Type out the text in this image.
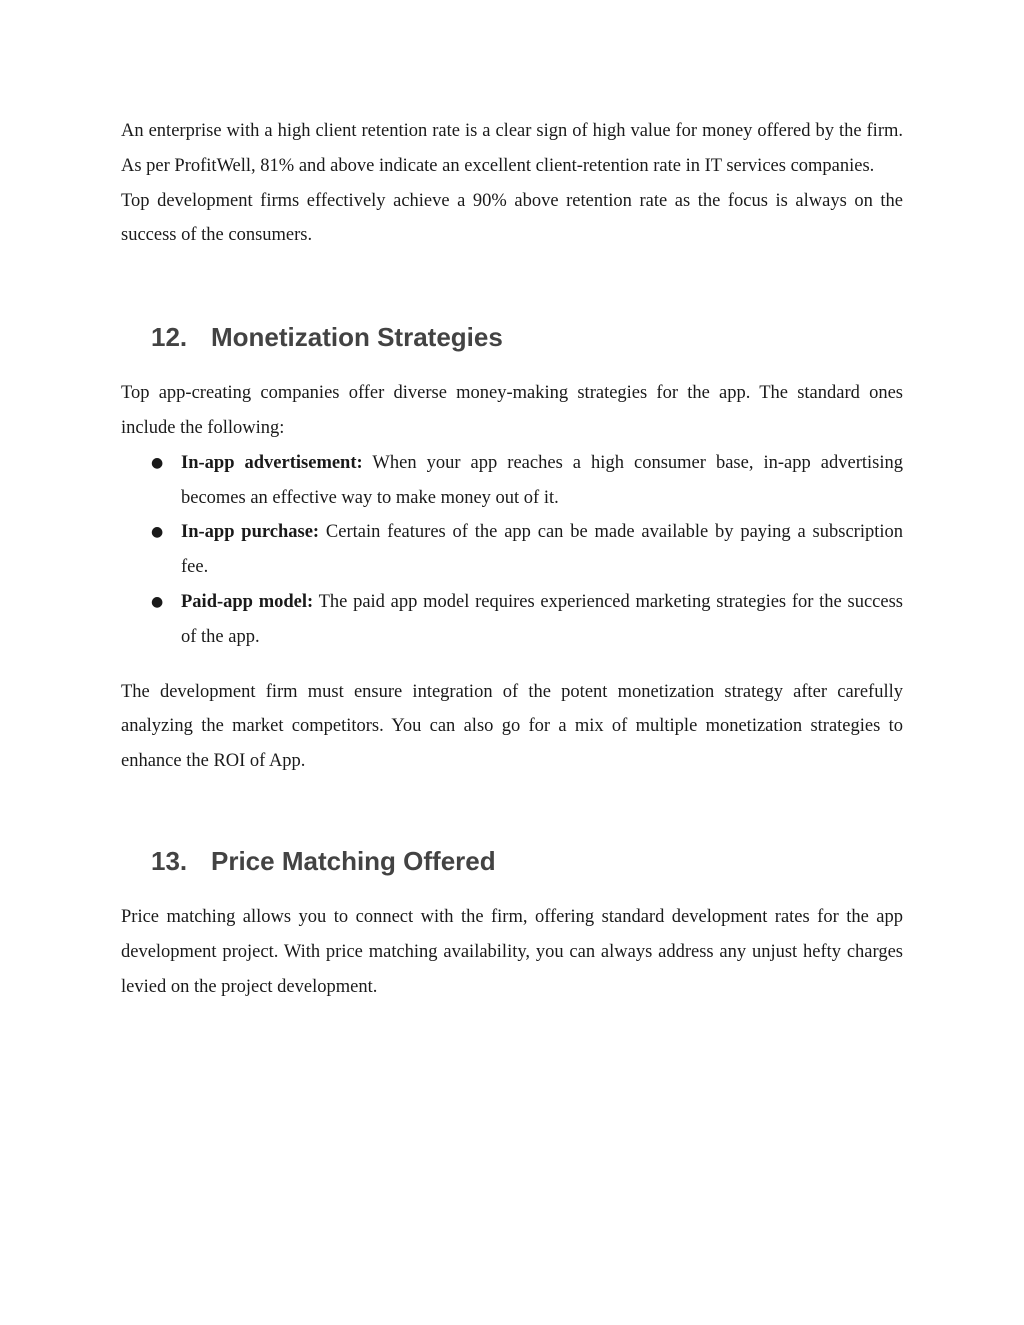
An enterprise with a high client retention rate is a clear sign of high value for money offered by the firm. As per ProfitWell, 81% and above indicate an excellent client-retention rate in IT services companies.

Top development firms effectively achieve a 90% above retention rate as the focus is always on the success of the consumers.

12. Monetization Strategies

Top app-creating companies offer diverse money-making strategies for the app. The standard ones include the following:

● In-app advertisement: When your app reaches a high consumer base, in-app advertising becomes an effective way to make money out of it.
● In-app purchase: Certain features of the app can be made available by paying a subscription fee.
● Paid-app model: The paid app model requires experienced marketing strategies for the success of the app.

The development firm must ensure integration of the potent monetization strategy after carefully analyzing the market competitors. You can also go for a mix of multiple monetization strategies to enhance the ROI of App.

13. Price Matching Offered

Price matching allows you to connect with the firm, offering standard development rates for the app development project. With price matching availability, you can always address any unjust hefty charges levied on the project development.
